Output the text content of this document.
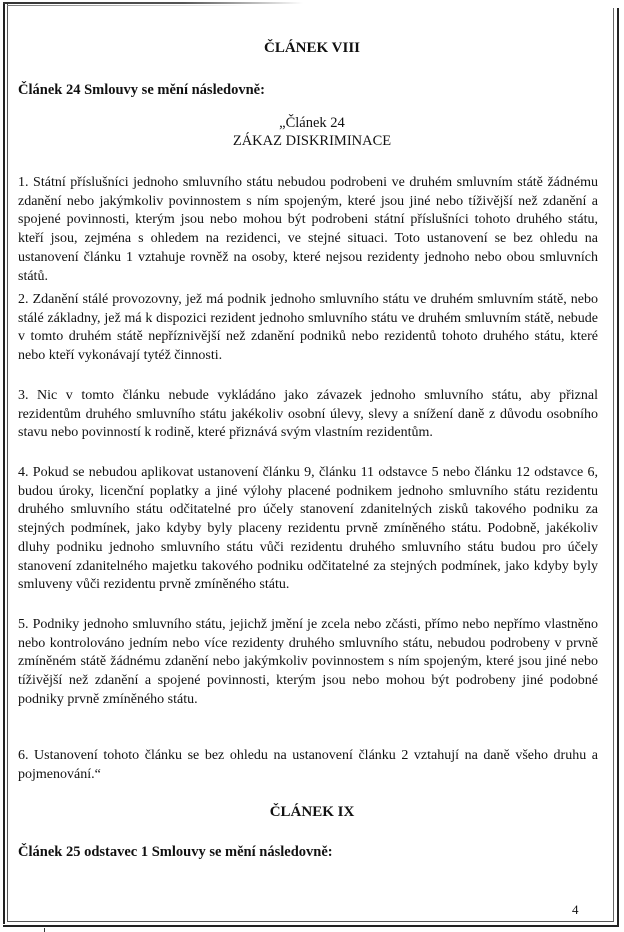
ČLÁNEK VIII
Článek 24 Smlouvy se mění následovně:
„Článek 24
ZÁKAZ DISKRIMINACE
1. Státní příslušníci jednoho smluvního státu nebudou podrobeni ve druhém smluvním státě žádnému zdanění nebo jakýmkoliv povinnostem s ním spojeným, které jsou jiné nebo tíživější než zdanění a spojené povinnosti, kterým jsou nebo mohou být podrobeni státní příslušníci tohoto druhého státu, kteří jsou, zejména s ohledem na rezidenci, ve stejné situaci. Toto ustanovení se bez ohledu na ustanovení článku 1 vztahuje rovněž na osoby, které nejsou rezidenty jednoho nebo obou smluvních států.
2. Zdanění stálé provozovny, jež má podnik jednoho smluvního státu ve druhém smluvním státě, nebo stálé základny, jež má k dispozici rezident jednoho smluvního státu ve druhém smluvním státě, nebude v tomto druhém státě nepříznivější než zdanění podniků nebo rezidentů tohoto druhého státu, které nebo kteří vykonávají tytéž činnosti.
3. Nic v tomto článku nebude vykládáno jako závazek jednoho smluvního státu, aby přiznal rezidentům druhého smluvního státu jakékoliv osobní úlevy, slevy a snížení daně z důvodu osobního stavu nebo povinností k rodině, které přiznává svým vlastním rezidentům.
4. Pokud se nebudou aplikovat ustanovení článku 9, článku 11 odstavce 5 nebo článku 12 odstavce 6, budou úroky, licenční poplatky a jiné výlohy placené podnikem jednoho smluvního státu rezidentu druhého smluvního státu odčitatelné pro účely stanovení zdanitelných zisků takového podniku za stejných podmínek, jako kdyby byly placeny rezidentu prvně zmíněného státu. Podobně, jakékoliv dluhy podniku jednoho smluvního státu vůči rezidentu druhého smluvního státu budou pro účely stanovení zdanitelného majetku takového podniku odčitatelné za stejných podmínek, jako kdyby byly smluveny vůči rezidentu prvně zmíněného státu.
5. Podniky jednoho smluvního státu, jejichž jmění je zcela nebo zčásti, přímo nebo nepřímo vlastněno nebo kontrolováno jedním nebo více rezidenty druhého smluvního státu, nebudou podrobeny v prvně zmíněném státě žádnému zdanění nebo jakýmkoliv povinnostem s ním spojeným, které jsou jiné nebo tíživější než zdanění a spojené povinnosti, kterým jsou nebo mohou být podrobeny jiné podobné podniky prvně zmíněného státu.
6. Ustanovení tohoto článku se bez ohledu na ustanovení článku 2 vztahují na daně všeho druhu a pojmenování.“
ČLÁNEK IX
Článek 25 odstavec 1 Smlouvy se mění následovně:
4
